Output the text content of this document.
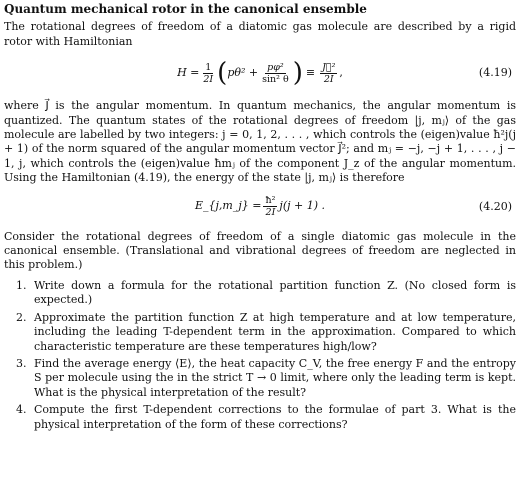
Quantum mechanical rotor in the canonical ensemble

The rotational degrees of freedom of a diatomic gas molecule are described by a rigid rotor with Hamiltonian

$H = \frac{1}{2I}$ ( $p\theta^2 + \frac{\text{pφ²}}{\text{sin² θ}}$ ) ≡ $\frac{\text{J⃗²}}{2I}$ ,	(4.19)

where J⃗ is the angular momentum. In quantum mechanics, the angular momentum is quantized. The quantum states of the rotational degrees of freedom |j, mⱼ⟩ of the gas molecule are labelled by two integers: j = 0, 1, 2, . . . , which controls the (eigen)value ħ²j(j + 1) of the norm squared of the angular momentum vector J⃗²; and mⱼ = −j, −j + 1, . . . , j − 1, j, which controls the (eigen)value ħmⱼ of the component J_z of the angular momentum. Using the Hamiltonian (4.19), the energy of the state |j, mⱼ⟩ is therefore

E_{j,m_j} = $\frac{\text{ħ²}}{2I} j(j + 1)$ .	(4.20)

Consider the rotational degrees of freedom of a single diatomic gas molecule in the canonical ensemble. (Translational and vibrational degrees of freedom are neglected in this problem.)

1. Write down a formula for the rotational partition function Z. (No closed form is expected.)
2. Approximate the partition function Z at high temperature and at low temperature, including the leading T-dependent term in the approximation. Compared to which characteristic temperature are these temperatures high/low?
3. Find the average energy ⟨E⟩, the heat capacity C_V, the free energy F and the entropy S per molecule using the in the strict T → 0 limit, where only the leading term is kept. What is the physical interpretation of the result?
4. Compute the first T-dependent corrections to the formulae of part 3. What is the physical interpretation of the form of these corrections?
